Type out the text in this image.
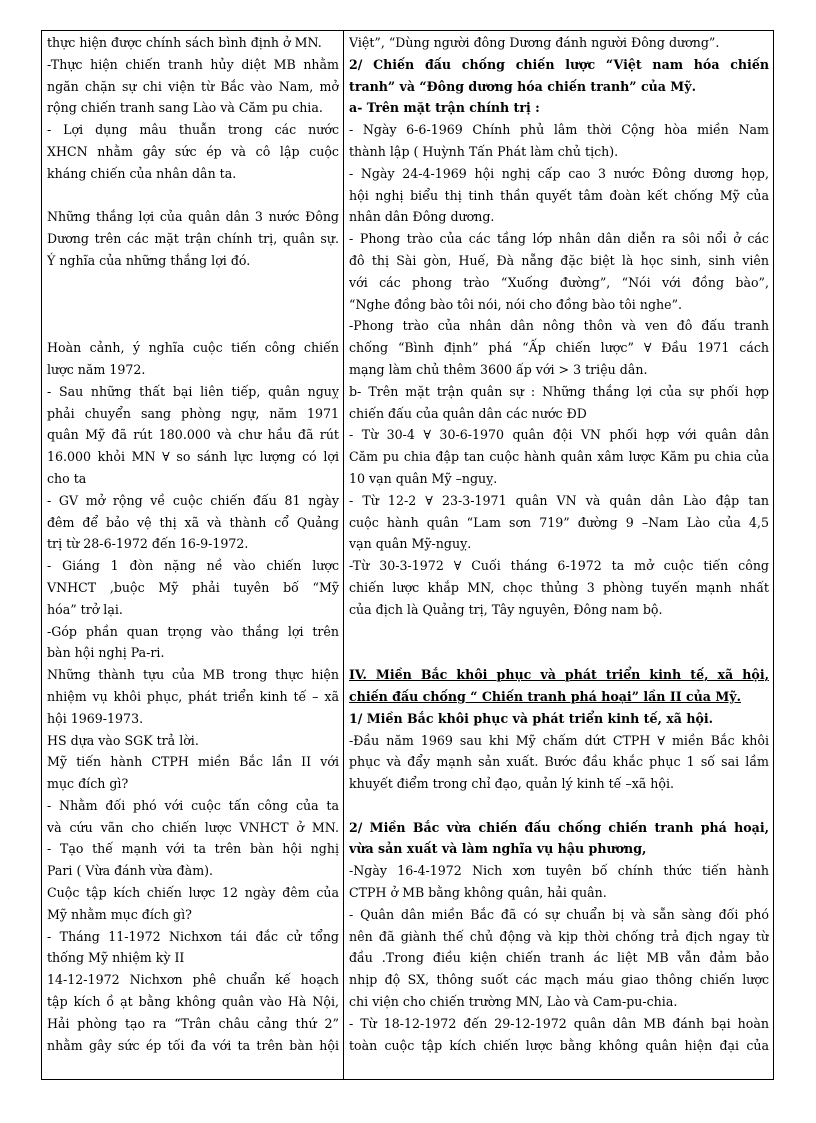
thực hiện được chính sách bình định ở MN.
-Thực hiện chiến tranh hủy diệt MB nhằm
ngăn chặn sự chi viện từ Bắc vào Nam, mở
rộng chiến tranh sang Lào và Căm pu chia.
- Lợi dụng mâu thuẫn trong các nước
XHCN nhằm gây sức ép và cô lập cuộc
kháng chiến của nhân dân ta.
Những thắng lợi của quân dân 3 nước Đông
Dương trên các mặt trận chính trị, quân sự.
Ý nghĩa của những thắng lợi đó.
Hoàn cảnh, ý nghĩa cuộc tiến công chiến
lược năm 1972.
- Sau những thất bại liên tiếp, quân nguỵ
phải chuyển sang phòng ngự, năm 1971
quân Mỹ đã rút 180.000 và chư hầu đã rút
16.000 khỏi MN ∀ so sánh lực lượng có lợi
cho ta
- GV mở rộng về cuộc chiến đấu 81 ngày
đêm để bảo vệ thị xã và thành cổ Quảng
trị từ 28-6-1972 đến 16-9-1972.
- Giáng 1 đòn nặng nề vào chiến lược
VNHCT ,buộc Mỹ phải tuyên bố “Mỹ
hóa” trở lại.
-Góp phần quan trọng vào thắng lợi trên
bàn hội nghị Pa-ri.
Những thành tựu của MB trong thực hiện
nhiệm vụ khôi phục, phát triển kinh tế – xã
hội 1969-1973.
HS dựa vào SGK trả lời.
Mỹ tiến hành CTPH miền Bắc lần II với
mục đích gì?
- Nhằm đối phó với cuộc tấn công của ta
và cứu vãn cho chiến lược VNHCT ở MN.
- Tạo thế mạnh với ta trên bàn hội nghị
Pari ( Vừa đánh vừa đàm).
Cuộc tập kích chiến lược 12 ngày đêm của
Mỹ nhằm mục đích gì?
- Tháng 11-1972 Nichxơn tái đắc cử tổng
thống Mỹ nhiệm kỳ II
14-12-1972 Nichxơn phê chuẩn kế hoạch
tập kích ồ ạt bằng không quân vào Hà Nội,
Hải phòng tạo ra “Trân châu cảng thứ 2”
nhằm gây sức ép tối đa với ta trên bàn hội
Việt”, “Dùng người đông Dương đánh người Đông dương”.
2/ Chiến đấu chống chiến lược “Việt nam hóa chiến
tranh” và “Đông dương hóa chiến tranh” của Mỹ.
a- Trên mặt trận chính trị :
- Ngày 6-6-1969 Chính phủ lâm thời Cộng hòa miền Nam
thành lập ( Huỳnh Tấn Phát làm chủ tịch).
- Ngày 24-4-1969 hội nghị cấp cao 3 nước Đông dương họp,
hội nghị biểu thị tinh thần quyết tâm đoàn kết chống Mỹ của
nhân dân Đông dương.
- Phong trào của các tầng lớp nhân dân diễn ra sôi nổi ở các
đô thị Sài gòn, Huế, Đà nẵng đặc biệt là học sinh, sinh viên
với các phong trào “Xuống đường”, “Nói với đồng bào”,
“Nghe đồng bào tôi nói, nói cho đồng bào tôi nghe”.
-Phong trào của nhân dân nông thôn và ven đô đấu tranh
chống “Bình định” phá “Ấp chiến lược” ∀ Đầu 1971 cách
mạng làm chủ thêm 3600 ấp với > 3 triệu dân.
b- Trên mặt trận quân sự : Những thắng lợi của sự phối hợp
chiến đấu của quân dân các nước ĐD
- Từ 30-4 ∀ 30-6-1970 quân đội VN phối hợp với quân dân
Căm pu chia đập tan cuộc hành quân xâm lược Kăm pu chia của
10 vạn quân Mỹ –nguỵ.
- Từ 12-2 ∀ 23-3-1971 quân VN và quân dân Lào đập tan
cuộc hành quân “Lam sơn 719” đường 9 –Nam Lào của 4,5
vạn quân Mỹ-nguỵ.
-Từ 30-3-1972 ∀ Cuối tháng 6-1972 ta mở cuộc tiến công
chiến lược khắp MN, chọc thủng 3 phòng tuyến mạnh nhất
của địch là Quảng trị, Tây nguyên, Đông nam bộ.
IV. Miền Bắc khôi phục và phát triển kinh tế, xã hội,
chiến đấu chống “ Chiến tranh phá hoại” lần II của Mỹ.
1/ Miền Bắc khôi phục và phát triển kinh tế, xã hội.
-Đầu năm 1969 sau khi Mỹ chấm dứt CTPH ∀ miền Bắc khôi
phục và đẩy mạnh sản xuất. Bước đầu khắc phục 1 số sai lầm
khuyết điểm trong chỉ đạo, quản lý kinh tế –xã hội.
2/ Miền Bắc vừa chiến đấu chống chiến tranh phá hoại,
vừa sản xuất và làm nghĩa vụ hậu phương,
-Ngày 16-4-1972 Nich xơn tuyên bố chính thức tiến hành
CTPH ở MB bằng không quân, hải quân.
- Quân dân miền Bắc đã có sự chuẩn bị và sẵn sàng đối phó
nên đã giành thế chủ động và kịp thời chống trả địch ngay từ
đầu .Trong điều kiện chiến tranh ác liệt MB vẫn đảm bảo
nhịp độ SX, thông suốt các mạch máu giao thông chiến lược
chi viện cho chiến trường MN, Lào và Cam-pu-chia.
- Từ 18-12-1972 đến 29-12-1972 quân dân MB đánh bại hoàn
toàn cuộc tập kích chiến lược bằng không quân hiện đại của
